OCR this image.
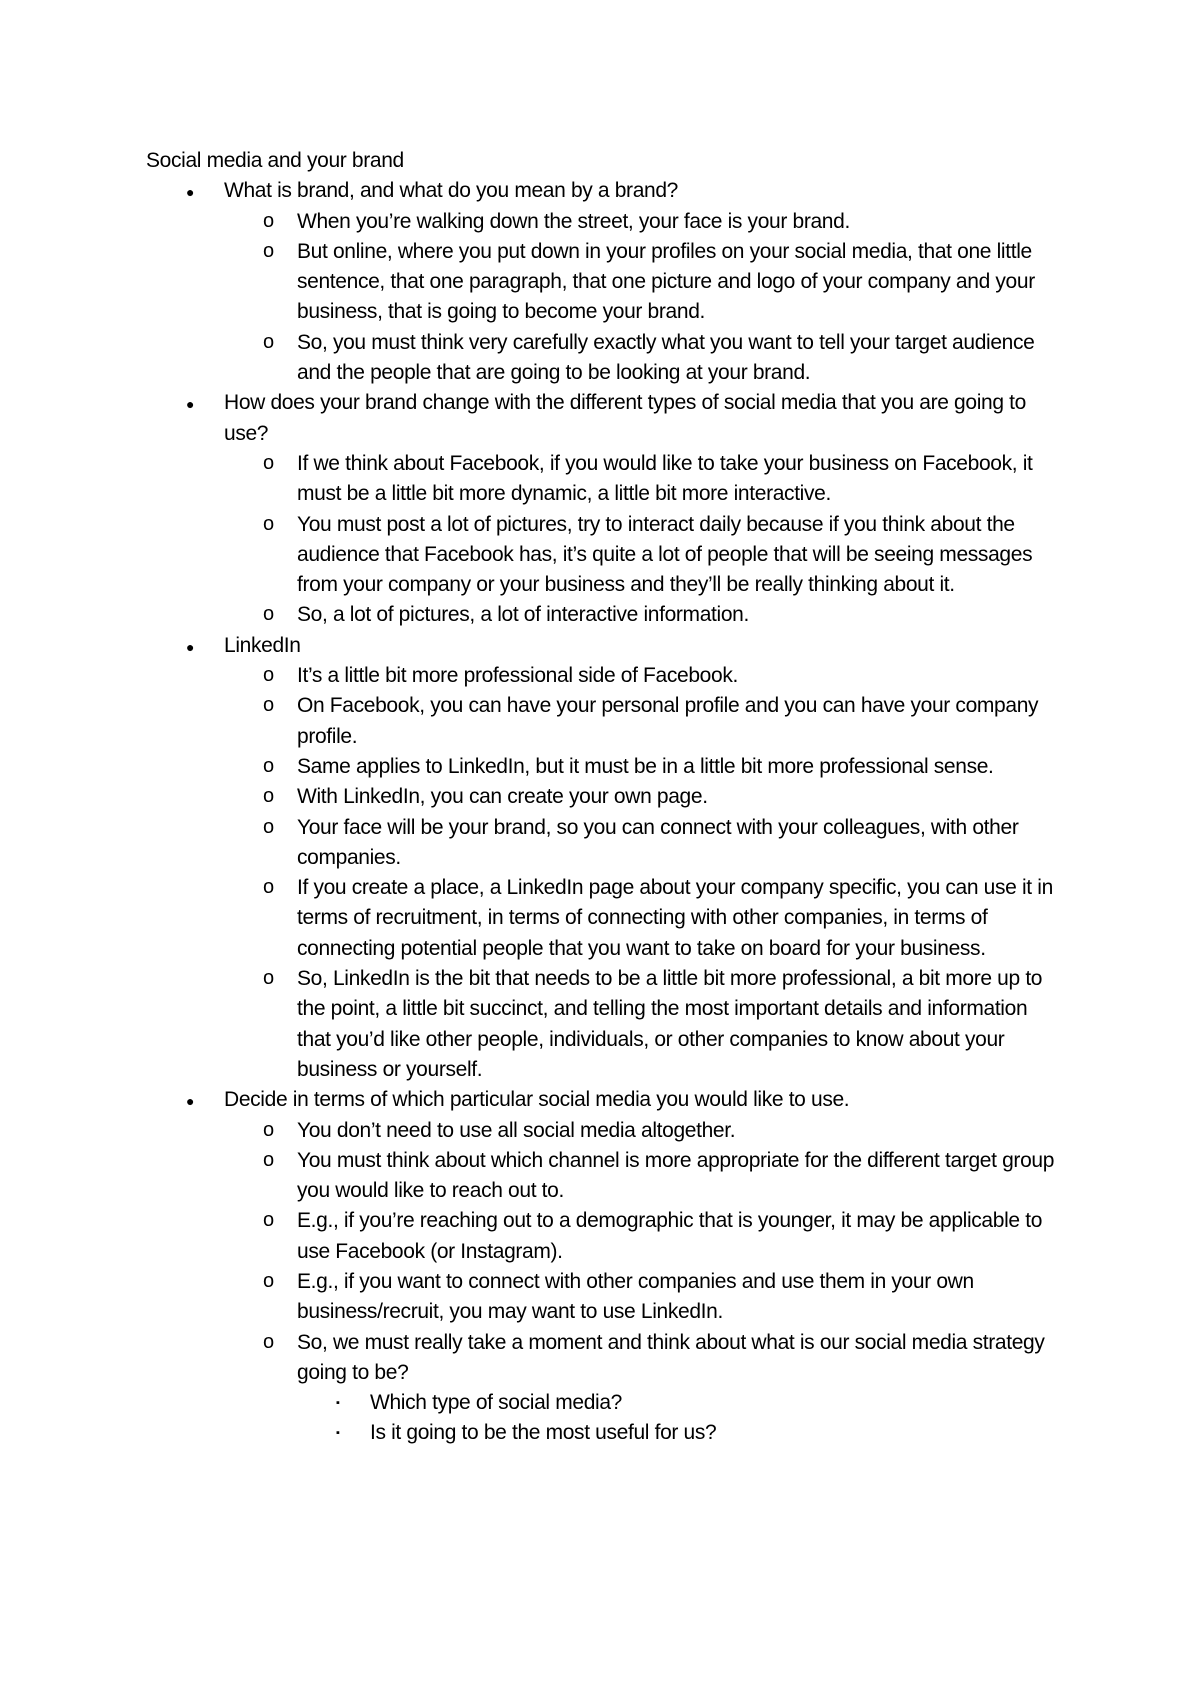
Social media and your brand

● What is brand, and what do you mean by a brand?
o When you’re walking down the street, your face is your brand.
o But online, where you put down in your profiles on your social media, that one little sentence, that one paragraph, that one picture and logo of your company and your business, that is going to become your brand.
o So, you must think very carefully exactly what you want to tell your target audience and the people that are going to be looking at your brand.
● How does your brand change with the different types of social media that you are going to use?
o If we think about Facebook, if you would like to take your business on Facebook, it must be a little bit more dynamic, a little bit more interactive.
o You must post a lot of pictures, try to interact daily because if you think about the audience that Facebook has, it’s quite a lot of people that will be seeing messages from your company or your business and they’ll be really thinking about it.
o So, a lot of pictures, a lot of interactive information.
● LinkedIn
o It’s a little bit more professional side of Facebook.
o On Facebook, you can have your personal profile and you can have your company profile.
o Same applies to LinkedIn, but it must be in a little bit more professional sense.
o With LinkedIn, you can create your own page.
o Your face will be your brand, so you can connect with your colleagues, with other companies.
o If you create a place, a LinkedIn page about your company specific, you can use it in terms of recruitment, in terms of connecting with other companies, in terms of connecting potential people that you want to take on board for your business.
o So, LinkedIn is the bit that needs to be a little bit more professional, a bit more up to the point, a little bit succinct, and telling the most important details and information that you’d like other people, individuals, or other companies to know about your business or yourself.
● Decide in terms of which particular social media you would like to use.
o You don’t need to use all social media altogether.
o You must think about which channel is more appropriate for the different target group you would like to reach out to.
o E.g., if you’re reaching out to a demographic that is younger, it may be applicable to use Facebook (or Instagram).
o E.g., if you want to connect with other companies and use them in your own business/recruit, you may want to use LinkedIn.
o So, we must really take a moment and think about what is our social media strategy going to be?
▪ Which type of social media?
▪ Is it going to be the most useful for us?
